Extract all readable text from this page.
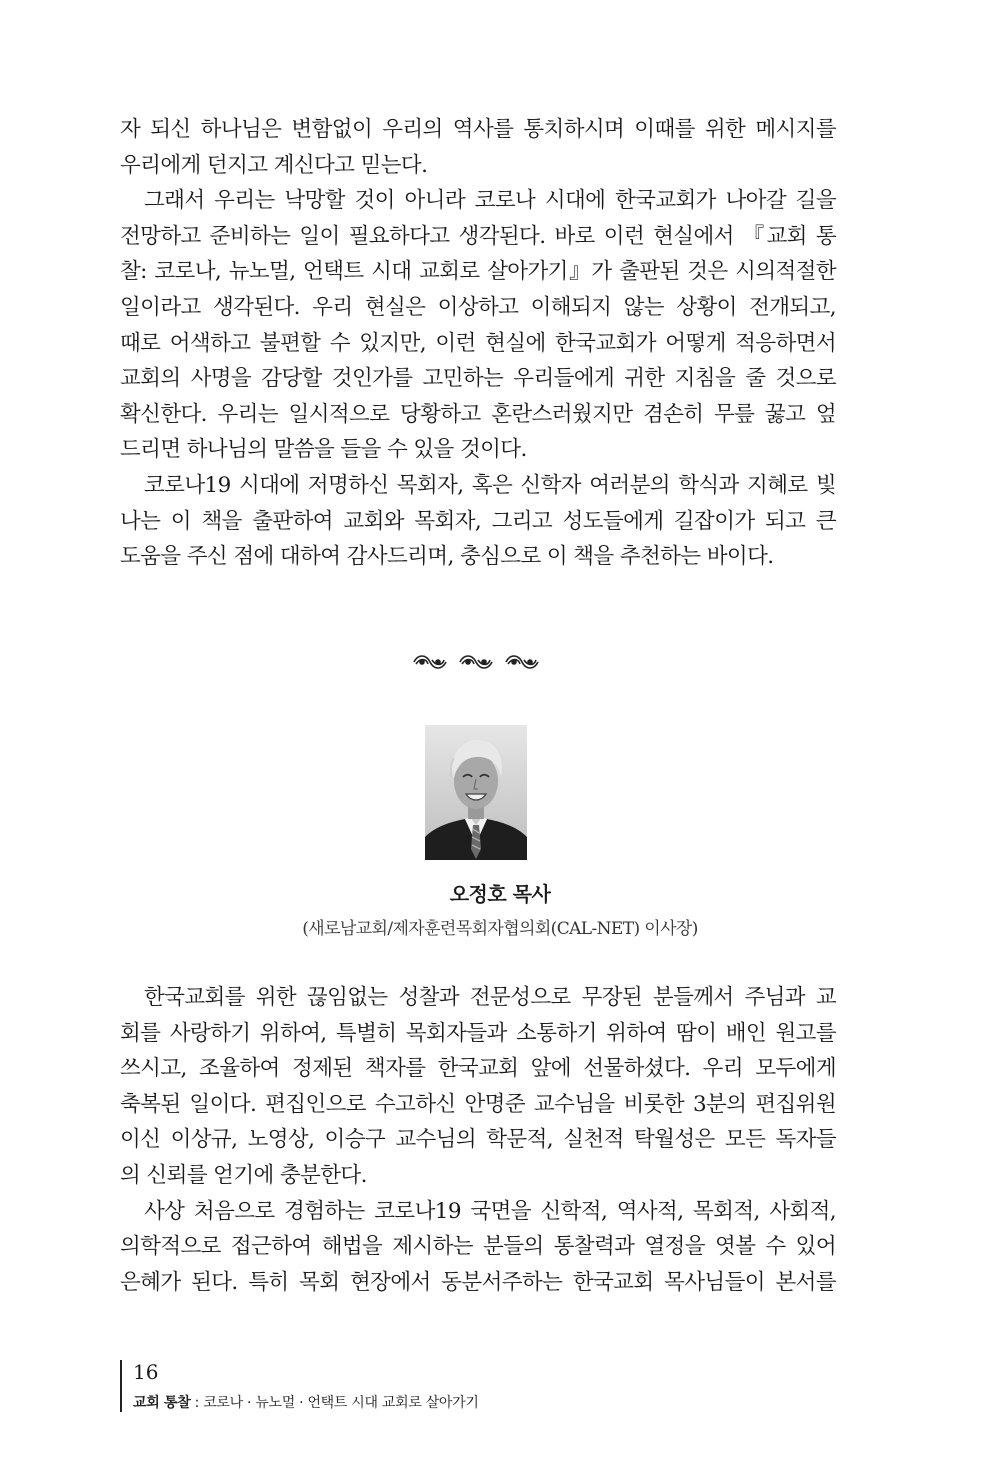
자 되신 하나님은 변함없이 우리의 역사를 통치하시며 이때를 위한 메시지를

우리에게 던지고 계신다고 믿는다.

그래서 우리는 낙망할 것이 아니라 코로나 시대에 한국교회가 나아갈 길을

전망하고 준비하는 일이 필요하다고 생각된다. 바로 이런 현실에서 『교회 통

찰: 코로나, 뉴노멀, 언택트 시대 교회로 살아가기』가 출판된 것은 시의적절한

일이라고 생각된다. 우리 현실은 이상하고 이해되지 않는 상황이 전개되고,

때로 어색하고 불편할 수 있지만, 이런 현실에 한국교회가 어떻게 적응하면서

교회의 사명을 감당할 것인가를 고민하는 우리들에게 귀한 지침을 줄 것으로

확신한다. 우리는 일시적으로 당황하고 혼란스러웠지만 겸손히 무릎 꿇고 엎

드리면 하나님의 말씀을 들을 수 있을 것이다.

코로나19 시대에 저명하신 목회자, 혹은 신학자 여러분의 학식과 지혜로 빛

나는 이 책을 출판하여 교회와 목회자, 그리고 성도들에게 길잡이가 되고 큰

도움을 주신 점에 대하여 감사드리며, 충심으로 이 책을 추천하는 바이다.

오정호 목사
(새로남교회/제자훈련목회자협의회(CAL-NET) 이사장)

한국교회를 위한 끊임없는 성찰과 전문성으로 무장된 분들께서 주님과 교

회를 사랑하기 위하여, 특별히 목회자들과 소통하기 위하여 땀이 배인 원고를

쓰시고, 조율하여 정제된 책자를 한국교회 앞에 선물하셨다. 우리 모두에게

축복된 일이다. 편집인으로 수고하신 안명준 교수님을 비롯한 3분의 편집위원

이신 이상규, 노영상, 이승구 교수님의 학문적, 실천적 탁월성은 모든 독자들

의 신뢰를 얻기에 충분한다.

사상 처음으로 경험하는 코로나19 국면을 신학적, 역사적, 목회적, 사회적,

의학적으로 접근하여 해법을 제시하는 분들의 통찰력과 열정을 엿볼 수 있어

은혜가 된다. 특히 목회 현장에서 동분서주하는 한국교회 목사님들이 본서를

16
교회 통찰 : 코로나 · 뉴노멀 · 언택트 시대 교회로 살아가기
